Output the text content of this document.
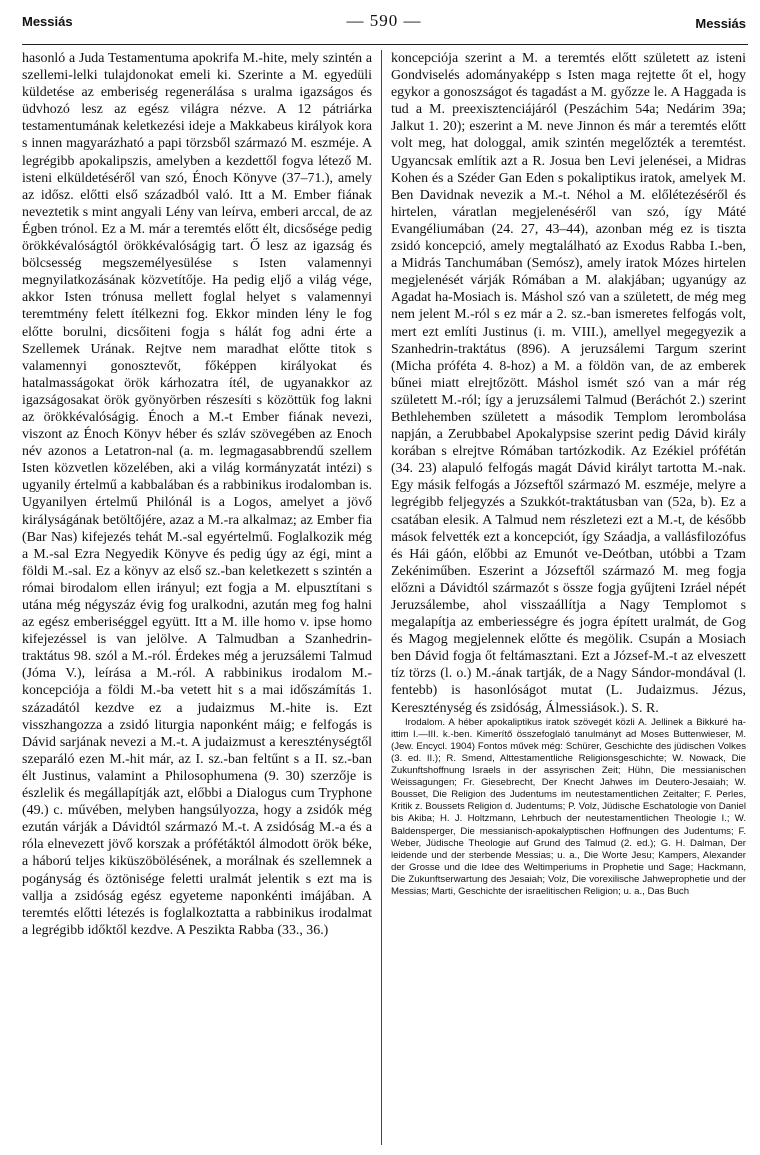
Messiás	— 590 —	Messiás

hasonló a Juda Testamentuma apokrifa M.-hite, mely szintén a szellemi-lelki tulajdonokat emeli ki. Szerinte a M. egyedüli küldetése az emberiség regenerálása s uralma igazságos és üdvhozó lesz az egész világra nézve. A 12 pátriárka testamentumának keletkezési ideje a Makkabeus királyok kora s innen magyarázható a papi törzsből származó M. eszméje. A legrégibb apokalipszis, amelyben a kezdettől fogva létező M. isteni elküldetéséről van szó, Énoch Könyve (37–71.), amely az idősz. előtti első századból való. Itt a M. Ember fiának neveztetik s mint angyali Lény van leírva, emberi arccal, de az Égben trónol. Ez a M. már a teremtés előtt élt, dicsősége pedig örökkévalóságtól örökkévalóságig tart. Ő lesz az igazság és bölcsesség megszemélyesülése s Isten valamennyi megnyilatkozásának közvetítője. Ha pedig eljő a világ vége, akkor Isten trónusa mellett foglal helyet s valamennyi teremtmény felett ítélkezni fog. Ekkor minden lény le fog előtte borulni, dicsőiteni fogja s hálát fog adni érte a Szellemek Urának. Rejtve nem maradhat előtte titok s valamennyi gonosztevőt, főképpen királyokat és hatalmasságokat örök kárhozatra ítél, de ugyanakkor az igazságosakat örök gyönyörben részesíti s közöttük fog lakni az örökkévalóságig. Énoch a M.-t Ember fiának nevezi, viszont az Énoch Könyv héber és szláv szövegében az Enoch név azonos a Letatron-nal (a. m. legmagasabbrendű szellem Isten közvetlen közelében, aki a világ kormányzatát intézi) s ugyanily értelmű a kabbalában és a rabbinikus irodalomban is. Ugyanilyen értelmű Philónál is a Logos, amelyet a jövő királyságának betöltőjére, azaz a M.-ra alkalmaz; az Ember fia (Bar Nas) kifejezés tehát M.-sal egyértelmű. Foglalkozik még a M.-sal Ezra Negyedik Könyve és pedig úgy az égi, mint a földi M.-sal. Ez a könyv az első sz.-ban keletkezett s szintén a római birodalom ellen irányul; ezt fogja a M. elpusztítani s utána még négyszáz évig fog uralkodni, azután meg fog halni az egész emberiséggel együtt. Itt a M. ille homo v. ipse homo kifejezéssel is van jelölve. A Talmudban a Szanhedrin-traktátus 98. szól a M.-ról. Érdekes még a jeruzsálemi Talmud (Jóma V.), leírása a M.-ról. A rabbinikus irodalom M.-koncepciója a földi M.-ba vetett hit s a mai időszámítás 1. századától kezdve ez a judaizmus M.-hite is. Ezt visszhangozza a zsidó liturgia naponként máig; e felfogás is Dávid sarjának nevezi a M.-t. A judaizmust a kereszténységtől szeparáló ezen M.-hit már, az I. sz.-ban feltűnt s a II. sz.-ban élt Justinus, valamint a Philosophumena (9. 30) szerzője is észlelik és megállapítják azt, előbbi a Dialogus cum Tryphone (49.) c. művében, melyben hangsúlyozza, hogy a zsidók még ezután várják a Dávidtól származó M.-t. A zsidóság M.-a és a róla elnevezett jövő korszak a prófétáktól álmodott örök béke, a háború teljes kiküszöbölésének, a morálnak és szellemnek a pogányság és öztönisége feletti uralmát jelentik s ezt ma is vallja a zsidóság egész egyeteme naponkénti imájában. A teremtés előtti létezés is foglalkoztatta a rabbinikus irodalmat a legrégibb időktől kezdve. A Peszikta Rabba (33., 36.)

koncepciója szerint a M. a teremtés előtt született az isteni Gondviselés adományaképp s Isten maga rejtette őt el, hogy egykor a gonoszságot és tagadást a M. győzze le. A Haggada is tud a M. preexisztenciájáról (Peszáchim 54a; Nedárim 39a; Jalkut 1. 20); eszerint a M. neve Jinnon és már a teremtés előtt volt meg, hat dologgal, amik szintén megelőzték a teremtést. Ugyancsak említik azt a R. Josua ben Levi jelenései, a Midras Kohen és a Széder Gan Eden s pokaliptikus iratok, amelyek M. Ben Davidnak nevezik a M.-t. Néhol a M. előlétezéséről és hirtelen, váratlan megjelenéséről van szó, így Máté Evangéliumában (24. 27, 43–44), azonban még ez is tiszta zsidó koncepció, amely megtalálható az Exodus Rabba I.-ben, a Midrás Tanchumában (Semósz), amely iratok Mózes hirtelen megjelenését várják Rómában a M. alakjában; ugyanúgy az Agadat ha-Mosiach is. Máshol szó van a született, de még meg nem jelent M.-ról s ez már a 2. sz.-ban ismeretes felfogás volt, mert ezt említi Justinus (i. m. VIII.), amellyel megegyezik a Szanhedrin-traktátus (896). A jeruzsálemi Targum szerint (Micha próféta 4. 8-hoz) a M. a földön van, de az emberek bűnei miatt elrejtőzött. Máshol ismét szó van a már rég született M.-ról; így a jeruzsálemi Talmud (Beráchót 2.) szerint Bethlehemben született a második Templom lerombolása napján, a Zerubbabel Apokalypsise szerint pedig Dávid király korában s elrejtve Rómában tartózkodik. Az Ezékiel prófétán (34. 23) alapuló felfogás magát Dávid királyt tartotta M.-nak. Egy másik felfogás a Józseftől származó M. eszméje, melyre a legrégibb feljegyzés a Szukkót-traktátusban van (52a, b). Ez a csatában elesik. A Talmud nem részletezi ezt a M.-t, de később mások felvették ezt a koncepciót, így Száadja, a vallásfilozófus és Hái gáón, előbbi az Emunót ve-Deótban, utóbbi a Tzam Zekéniműben. Eszerint a Józseftől származó M. meg fogja előzni a Dávidtól származót s össze fogja gyűjteni Izráel népét Jeruzsálembe, ahol visszaállítja a Nagy Templomot s megalapítja az emberiességre és jogra épített uralmát, de Gog és Magog megjelennek előtte és megölik. Csupán a Mosiach ben Dávid fogja őt feltámasztani. Ezt a József-M.-t az elveszett tíz törzs (l. o.) M.-ának tartják, de a Nagy Sándor-mondával (l. fentebb) is hasonlóságot mutat (L. Judaizmus. Jézus, Kereszténység és zsidóság, Álmessiások.). S. R.

Irodalom. A héber apokaliptikus iratok szövegét közli A. Jellinek a Bikkuré ha-ittim I.—III. k.-ben. Kimerítő összefoglaló tanulmányt ad Moses Buttenwieser, M. (Jew. Encycl. 1904) Fontos művek még: Schürer, Geschichte des jüdischen Volkes (3. ed. II.); R. Smend, Alttestamentliche Religionsgeschichte; W. Nowack, Die Zukunftshoffnung Israels in der assyrischen Zeit; Hühn, Die messianischen Weissagungen; Fr. Giesebrecht, Der Knecht Jahwes im Deutero-Jesaiah; W. Bousset, Die Religion des Judentums im neutestamentlichen Zeitalter; F. Perles, Kritik z. Boussets Religion d. Judentums; P. Volz, Jüdische Eschatologie von Daniel bis Akiba; H. J. Holtzmann, Lehrbuch der neutestamentlichen Theologie I.; W. Baldensperger, Die messianisch-apokalyptischen Hoffnungen des Judentums; F. Weber, Jüdische Theologie auf Grund des Talmud (2. ed.); G. H. Dalman, Der leidende und der sterbende Messias; u. a., Die Worte Jesu; Kampers, Alexander der Grosse und die Idee des Weltimperiums in Prophetie und Sage; Hackmann, Die Zukunftserwartung des Jesaiah; Volz, Die vorexilische Jahweprophetie und der Messias; Marti, Geschichte der israelitischen Religion; u. a., Das Buch
